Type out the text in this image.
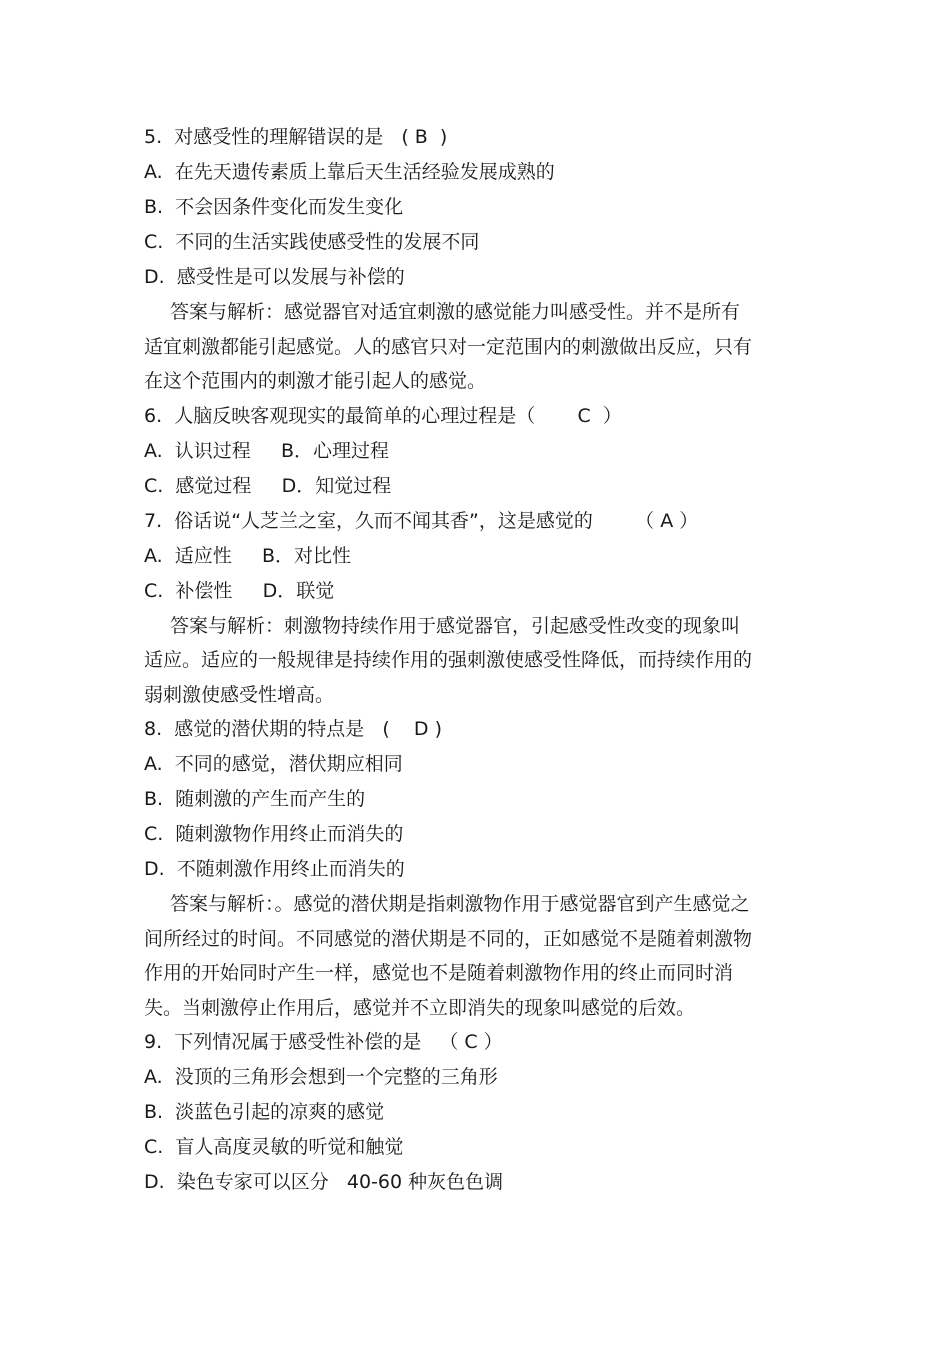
5.  对感受性的理解错误的是   ( B  )
A.  在先天遗传素质上靠后天生活经验发展成熟的
B.  不会因条件变化而发生变化
C.  不同的生活实践使感受性的发展不同
D.  感受性是可以发展与补偿的
答案与解析：感觉器官对适宜刺激的感觉能力叫感受性。并不是所有适宜刺激都能引起感觉。人的感官只对一定范围内的刺激做出反应，只有在这个范围内的刺激才能引起人的感觉。
6.  人脑反映客观现实的最简单的心理过程是（       C  ）
A.  认识过程     B．心理过程
C.  感觉过程     D．知觉过程
7.  俗话说“人芝兰之室，久而不闻其香”，这是感觉的       （ A ）
A.  适应性     B．对比性
C.  补偿性     D．联觉
答案与解析：刺激物持续作用于感觉器官，引起感受性改变的现象叫适应。适应的一般规律是持续作用的强刺激使感受性降低，而持续作用的弱刺激使感受性增高。
8.  感觉的潜伏期的特点是   (    D )
A.  不同的感觉，潜伏期应相同
B.  随刺激的产生而产生的
C.  随刺激物作用终止而消失的
D.  不随刺激作用终止而消失的
答案与解析：。感觉的潜伏期是指刺激物作用于感觉器官到产生感觉之间所经过的时间。不同感觉的潜伏期是不同的，正如感觉不是随着刺激物作用的开始同时产生一样，感觉也不是随着刺激物作用的终止而同时消失。当刺激停止作用后，感觉并不立即消失的现象叫感觉的后效。
9.  下列情况属于感受性补偿的是   （ C ）
A.  没顶的三角形会想到一个完整的三角形
B.  淡蓝色引起的凉爽的感觉
C.  盲人高度灵敏的听觉和触觉
D.  染色专家可以区分   40-60 种灰色色调
